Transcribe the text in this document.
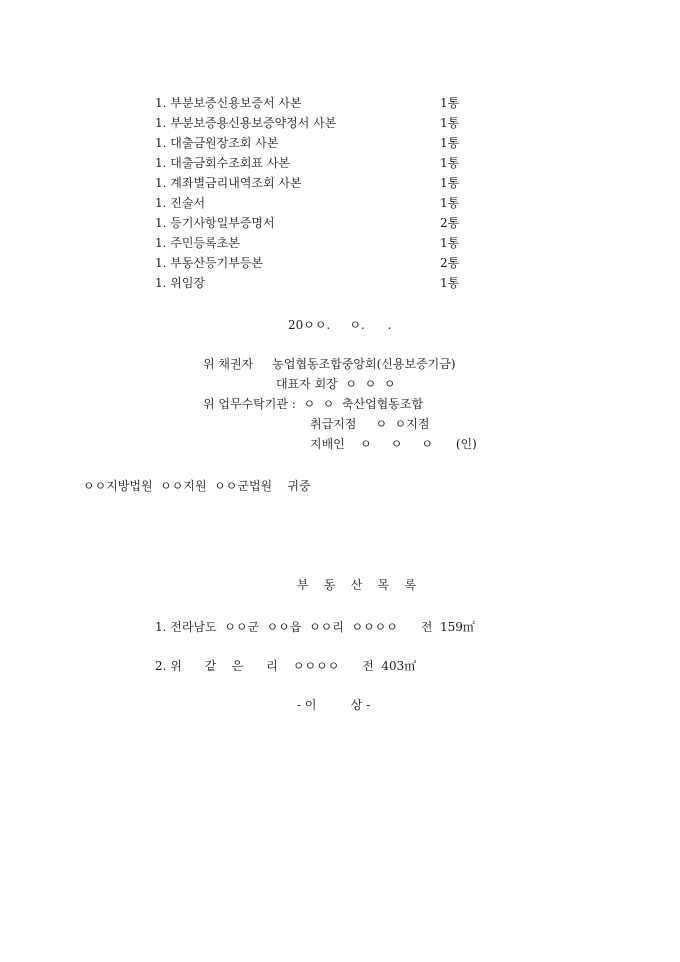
1. 부분보증신용보증서 사본	1통
1. 부분보증용신용보증약정서 사본	1통
1. 대출금원장조회 사본	1통
1. 대출금회수조회표 사본	1통
1. 계좌별금리내역조회 사본	1통
1. 진술서	1통
1. 등기사항일부증명서	2통
1. 주민등록초본	1통
1. 부동산등기부등본	2통
1. 위임장	1통
20ㅇㅇ.     ㅇ.      .
위 채권자     농업협동조합중앙회(신용보증기금)
대표자 회장  ㅇ  ㅇ  ㅇ
위 업무수탁기관 :  ㅇ  ㅇ  축산업협동조합
취급지점     ㅇ  ㅇ지점
지배인    ㅇ     ㅇ     ㅇ      (인)
ㅇㅇ지방법원  ㅇㅇ지원  ㅇㅇ군법원    귀중
부    동    산    목    록
1. 전라남도  ㅇㅇ군  ㅇㅇ읍  ㅇㅇ리  ㅇㅇㅇㅇ      전  159㎡
2. 위      같    은      리    ㅇㅇㅇㅇ      전  403㎡
- 이         상 -
